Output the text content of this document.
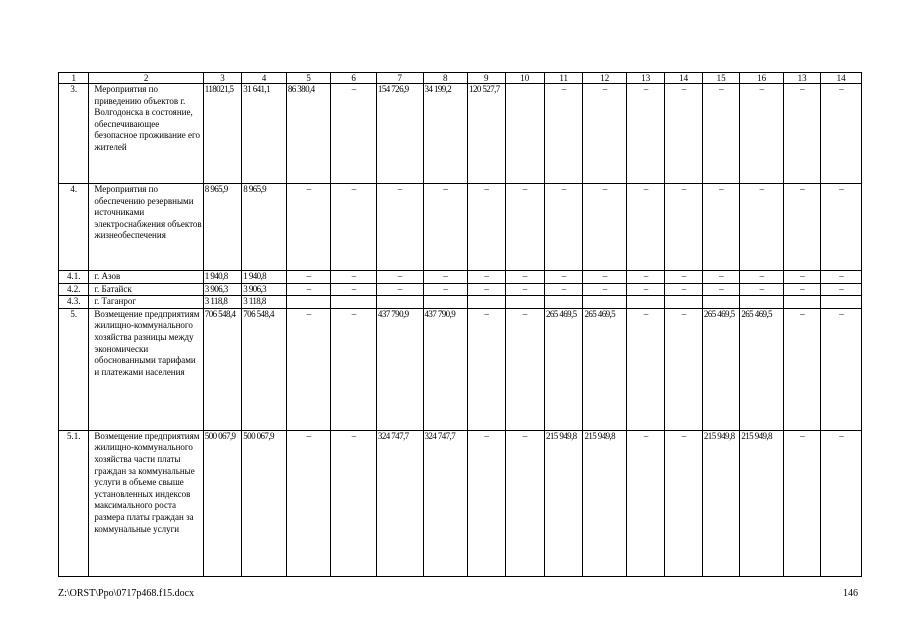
1	2	3	4	5	6	7	8	9	10	11	12	13	14	15	16	13	14
3.	Мероприятия по приведению объектов г. Волгодонска в состояние, обеспечивающее безопасное проживание его жителей	118021,5	31 641,1	86 380,4	–	154 726,9	34 199,2	120 527,7		–	–	–	–	–	–	–	–
4.	Мероприятия по обеспечению резервными источниками электроснабжения объектов жизнеобеспечения	8 965,9	8 965,9	–	–	–	–	–	–	–	–	–	–	–	–	–	–
4.1.	г. Азов	1 940,8	1 940,8	–	–	–	–	–	–	–	–	–	–	–	–	–	–
4.2.	г. Батайск	3 906,3	3 906,3	–	–	–	–	–	–	–	–	–	–	–	–	–	–
4.3.	г. Таганрог	3 118,8	3 118,8														
5.	Возмещение предприятиям жилищно-коммунального хозяйства разницы между экономически обоснованными тарифами и платежами населения	706 548,4	706 548,4	–	–	437 790,9	437 790,9	–	–	265 469,5	265 469,5	–	–	265 469,5	265 469,5	–	–
5.1.	Возмещение предприятиям жилищно-коммунального хозяйства части платы граждан за коммунальные услуги в объеме свыше установленных индексов максимального роста размера платы граждан за коммунальные услуги	500 067,9	500 067,9	–	–	324 747,7	324 747,7	–	–	215 949,8	215 949,8	–	–	215 949,8	215 949,8	–	–
Z:\ORST\Ppo\0717p468.f15.docx	146
